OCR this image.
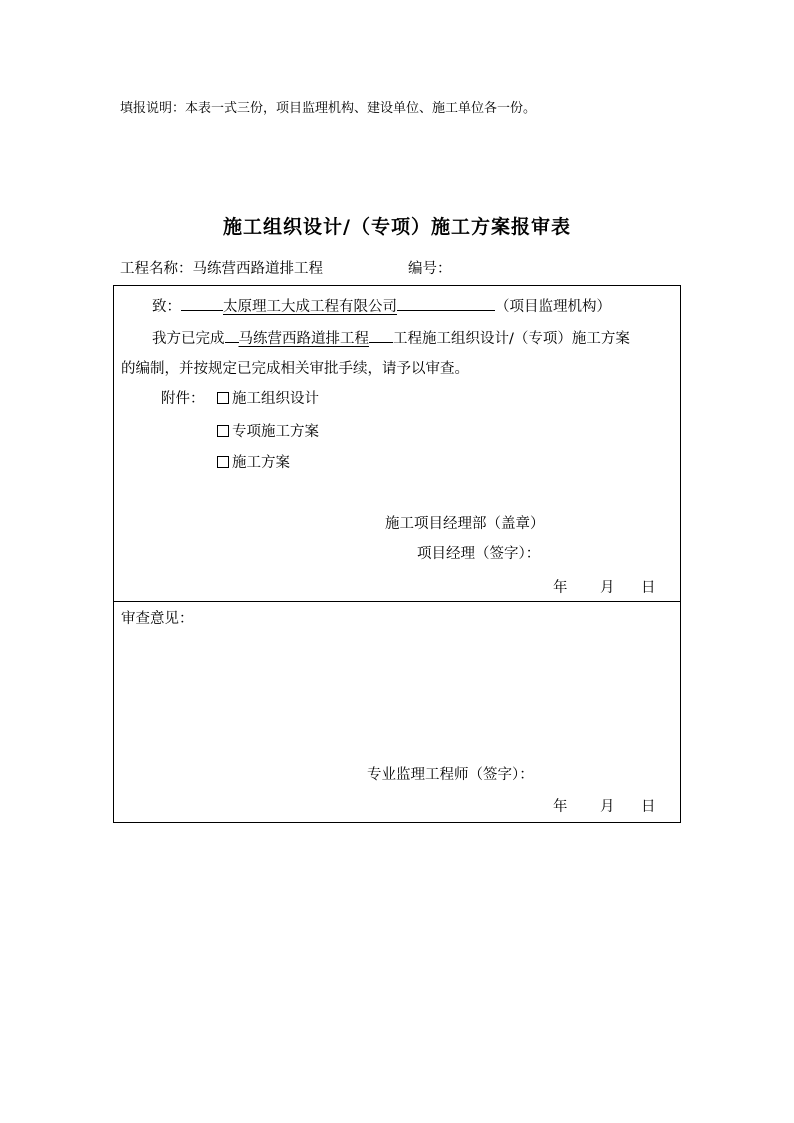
填报说明：本表一式三份，项目监理机构、建设单位、施工单位各一份。
施工组织设计/（专项）施工方案报审表
工程名称：马练营西路道排工程	编号：
致：	太原理工大成工程有限公司	（项目监理机构）
我方已完成 马练营西路道排工程 工程施工组织设计/（专项）施工方案
的编制，并按规定已完成相关审批手续，请予以审查。
附件：	施工组织设计
专项施工方案
施工方案
施工项目经理部（盖章）
项目经理（签字）：
年 月 日
审查意见：
专业监理工程师（签字）：
年 月 日
